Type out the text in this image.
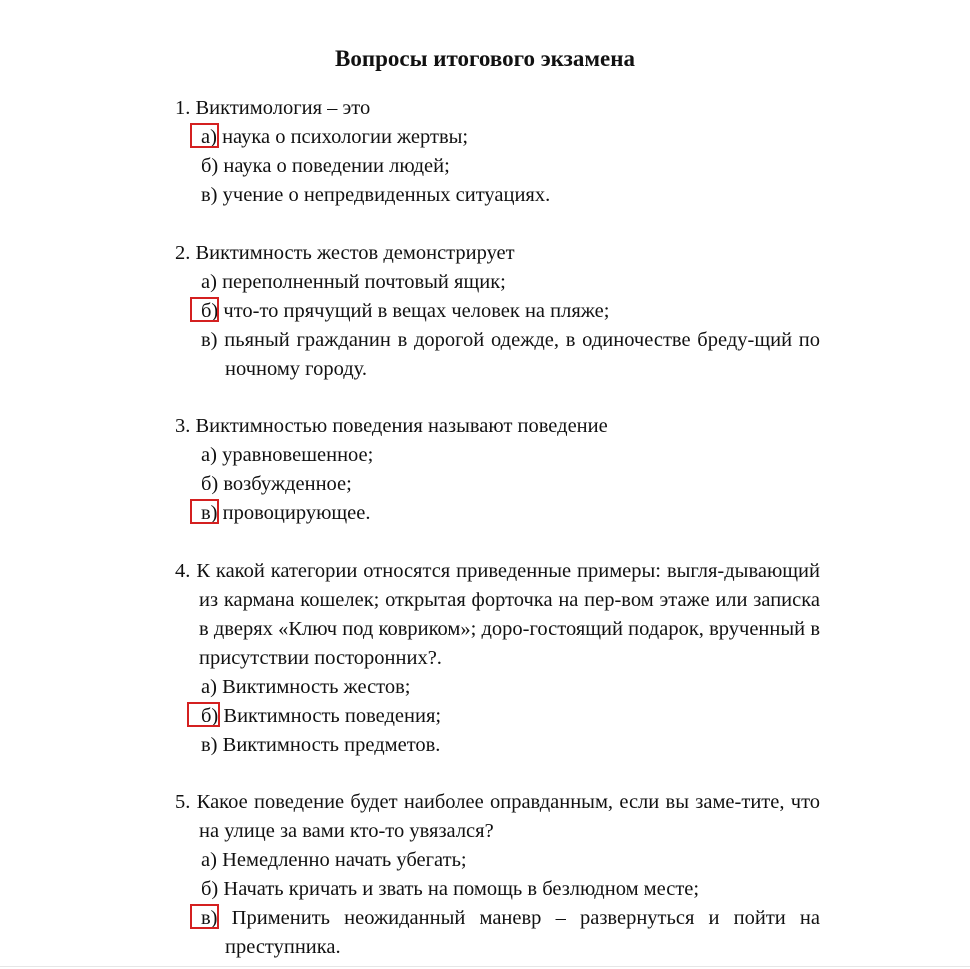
Вопросы итогового экзамена
1. Виктимология – это
а) наука о психологии жертвы;
б) наука о поведении людей;
в) учение о непредвиденных ситуациях.
2. Виктимность жестов демонстрирует
а) переполненный почтовый ящик;
б) что-то прячущий в вещах человек на пляже;
в) пьяный гражданин в дорогой одежде, в одиночестве бреду-щий по ночному городу.
3. Виктимностью поведения называют поведение
а) уравновешенное;
б) возбужденное;
в) провоцирующее.
4. К какой категории относятся приведенные примеры: выгля-дывающий из кармана кошелек; открытая форточка на пер-вом этаже или записка в дверях «Ключ под ковриком»; доро-гостоящий подарок, врученный в присутствии посторонних?.
а) Виктимность жестов;
б) Виктимность поведения;
в) Виктимность предметов.
5. Какое поведение будет наиболее оправданным, если вы заме-тите, что на улице за вами кто-то увязался?
а) Немедленно начать убегать;
б) Начать кричать и звать на помощь в безлюдном месте;
в) Применить неожиданный маневр – развернуться и пойти на преступника.
